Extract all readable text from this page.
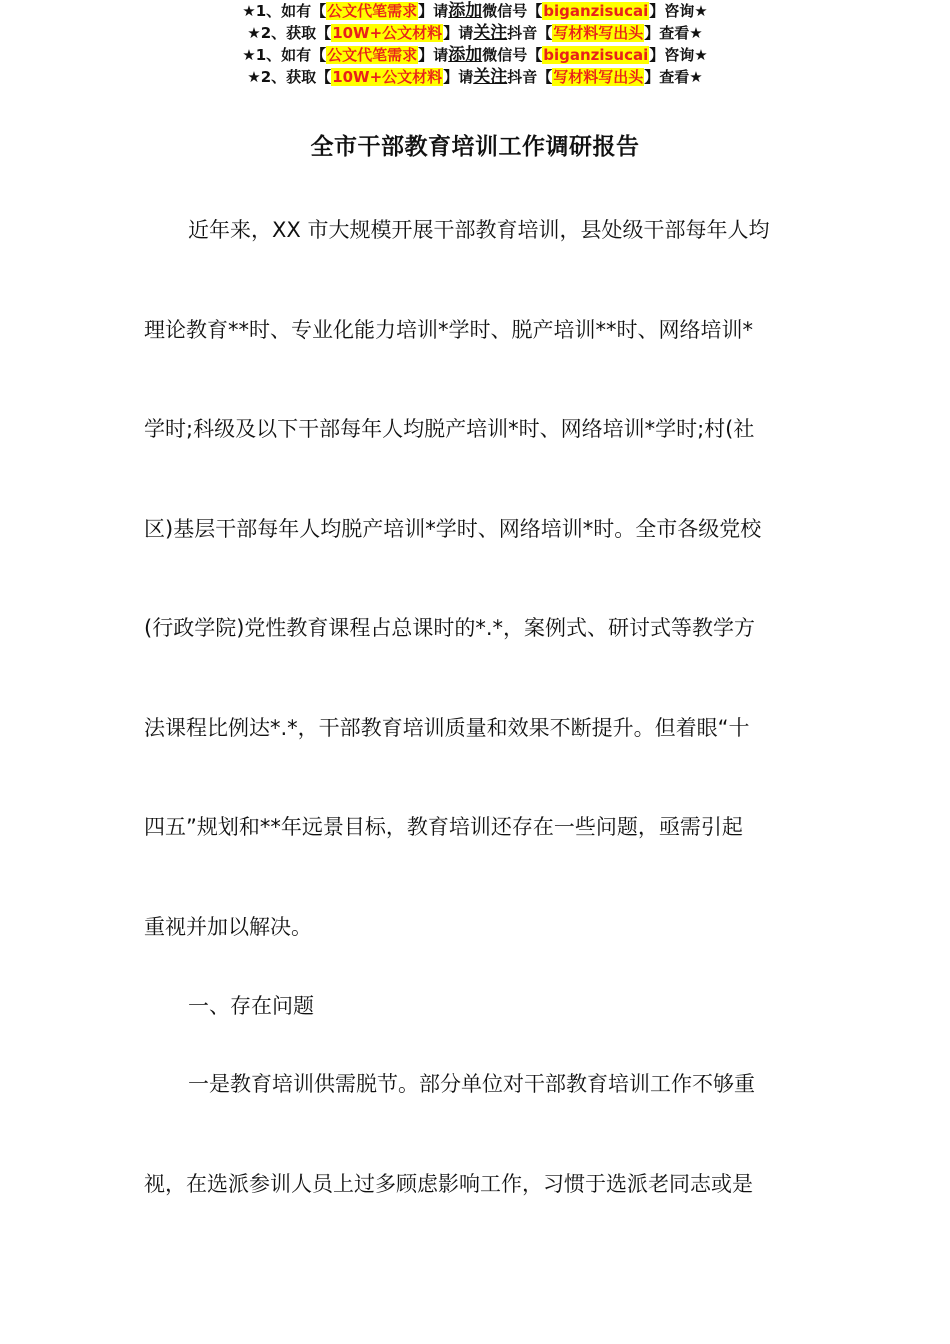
★1、如有【公文代笔需求】请添加微信号【biganzisucai】咨询★
★2、获取【10W+公文材料】请关注抖音【写材料写出头】查看★
全市干部教育培训工作调研报告
近年来，XX 市大规模开展干部教育培训，县处级干部每年人均
理论教育**时、专业化能力培训*学时、脱产培训**时、网络培训*
学时;科级及以下干部每年人均脱产培训*时、网络培训*学时;村(社
区)基层干部每年人均脱产培训*学时、网络培训*时。全市各级党校
(行政学院)党性教育课程占总课时的*.*，案例式、研讨式等教学方
法课程比例达*.*，干部教育培训质量和效果不断提升。但着眼“十
四五”规划和**年远景目标，教育培训还存在一些问题，亟需引起
重视并加以解决。
一、存在问题
一是教育培训供需脱节。部分单位对干部教育培训工作不够重
视，在选派参训人员上过多顾虑影响工作，习惯于选派老同志或是
★1、如有【公文代笔需求】请添加微信号【biganzisucai】咨询★
★2、获取【10W+公文材料】请关注抖音【写材料写出头】查看★
